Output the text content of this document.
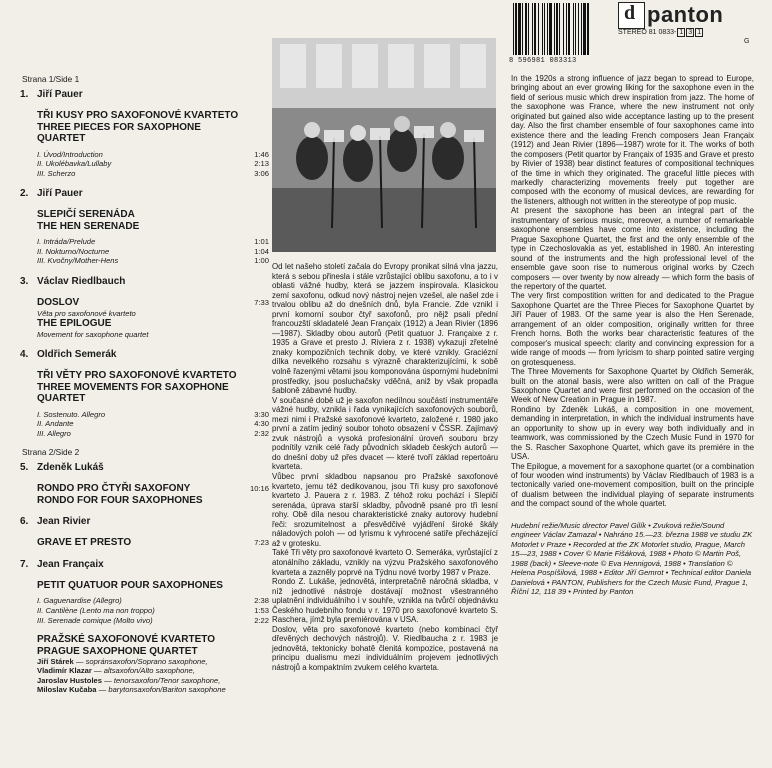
8 596981 083313
d panton
STEREO 81 0833- 1 3 1
G
Strana 1/Side 1
1. Jiří Pauer
TŘI KUSY PRO SAXOFONOVÉ KVARTETO
THREE PIECES FOR SAXOPHONE QUARTET
I. Úvod/Introduction	1:46
II. Ukolébavka/Lullaby	2:13
III. Scherzo	3:06
2. Jiří Pauer
SLEPIČÍ SERENÁDA
THE HEN SERENADE
I. Intráda/Prelude	1:01
II. Nokturno/Nocturne	1:04
III. Kvočny/Mother-Hens	1:00
3. Václav Riedlbauch
DOSLOV	7:33
Věta pro saxofonové kvarteto
THE EPILOGUE
Movement for saxophone quartet
4. Oldřich Semerák
TŘI VĚTY PRO SAXOFONOVÉ KVARTETO
THREE MOVEMENTS FOR SAXOPHONE QUARTET
I. Sostenuto. Allegro	3:30
II. Andante	4:30
III. Allegro	2:32
Strana 2/Side 2
5. Zdeněk Lukáš
RONDO PRO ČTYŘI SAXOFONY	10:16
RONDO FOR FOUR SAXOPHONES
6. Jean Rivier
GRAVE ET PRESTO	7:23
7. Jean Françaix
PETIT QUATUOR POUR SAXOPHONES
I. Gaguenardise (Allegro)	2:38
II. Cantilène (Lento ma non troppo)	1:53
III. Serenade comique (Molto vivo)	2:22
PRAŽSKÉ SAXOFONOVÉ KVARTETO
PRAGUE SAXOPHONE QUARTET
Jiří Stárek — sopránsaxofon/Soprano saxophone,
Vladimír Klazar — altsaxofon/Alto saxophone,
Jaroslav Hustoles — tenorsaxofon/Tenor saxophone,
Miloslav Kučaba — barytonsaxofon/Bariton saxophone

Od let našeho století začala do Evropy pronikat silná vlna jazzu, která s sebou přinesla i stále vzrůstající oblibu saxofonu, a to i v oblasti vážné hudby, která se jazzem inspirovala. Klasickou zemí saxofonu, odkud nový nástroj nejen vzešel, ale našel zde i trvalou oblibu až do dnešních dnů, byla Francie. Zde vznikl i první komorní soubor čtyř saxofonů, pro nějž psali přední francouzští skladatelé Jean Françaix (1912) a Jean Rivier (1896—1987). Skladby obou autorů (Petit quatuor J. Françaixe z r. 1935 a Grave et presto J. Riviera z r. 1938) vykazují zřetelné znaky kompozičních technik doby, ve které vznikly. Graciézní dílka nevelkého rozsahu s výrazně charakterizujícími, k sobě volně řazenými větami jsou komponována úspornými hudebními prostředky, jsou posluchačsky vděčná, aniž by však propadla šabloně zábavné hudby.

V současné době už je saxofon nedílnou součástí instrumentáře vážné hudby, vznikla i řada vynikajících saxofonových souborů, mezi nimi i Pražské saxofonové kvarteto, založené r. 1980 jako první a zatím jediný soubor tohoto obsazení v ČSSR. Zajímavý zvuk nástrojů a vysoká profesionální úroveň souboru brzy podnítily vznik celé řady původních skladeb českých autorů — do dnešní doby už přes dvacet — které tvoří základ repertoáru kvarteta.

Vůbec první skladbou napsanou pro Pražské saxofonové kvarteto, jemu též dedikovanou, jsou Tři kusy pro saxofonové kvarteto J. Pauera z r. 1983. Z téhož roku pochází i Slepičí serenáda, úprava starší skladby, původně psané pro tři lesní rohy. Obě díla nesou charakteristické znaky autorovy hudební řeči: srozumitelnost a přesvědčivé vyjádření široké škály náladových poloh — od lyrismu k vyhrocené satiře přecházející až v grotesku.

Také Tři věty pro saxofonové kvarteto O. Semeráka, vyrůstající z atonálního základu, vznikly na výzvu Pražského saxofonového kvarteta a zazněly poprvé na Týdnu nové tvorby 1987 v Praze.

Rondo Z. Lukáše, jednovětá, interpretačně náročná skladba, v níž jednotlivé nástroje dostávají možnost všestranného uplatnění individuálního i v souhře, vznikla na tvůrčí objednávku Českého hudebního fondu v r. 1970 pro saxofonové kvarteto S. Raschera, jímž byla premiérována v USA.

Doslov, věta pro saxofonové kvarteto (nebo kombinaci čtyř dřevěných dechových nástrojů). V. Riedlbaucha z r. 1983 je jednovětá, tektonicky bohatě členitá kompozice, postavená na principu dualismu mezi individuálním projevem jednotlivých nástrojů a kompaktním zvukem celého kvarteta.

In the 1920s a strong influence of jazz began to spread to Europe, bringing about an ever growing liking for the saxophone even in the field of serious music which drew inspiration from jazz. The home of the saxophone was France, where the new instrument not only originated but gained also wide acceptance lasting up to the present day. Also the first chamber ensemble of four saxophones came into existence there and the leading French composers Jean Françaix (1912) and Jean Rivier (1896—1987) wrote for it. The works of both the composers (Petit quartor by Françaix of 1935 and Grave et presto by Rivier of 1938) bear distinct features of compositional techniques of the time in which they originated. The graceful little pieces with markedly characterizing movements freely put together are composed with the economy of musical devices, are rewarding for the listeners, although not written in the stereotype of pop music.

At present the saxophone has been an integral part of the instrumentary of serious music, moreover, a number of remarkable saxophone ensembles have come into existence, including the Prague Saxophone Quartet, the first and the only ensemble of the type in Czechoslovakia as yet, established in 1980. An interesting sound of the instruments and the high professional level of the ensemble gave soon rise to numerous original works by Czech composers — over twenty by now already — which form the basis of the repertory of the quartet.

The very first compostition written for and dedicated to the Prague Saxophone Quartet are the Three Pieces for Saxophone Quartet by Jiří Pauer of 1983. Of the same year is also the Hen Serenade, arrangement of an older composition, originally written for three French horns. Both the works bear characteristic features of the composer's musical speech: clarity and convincing expression for a wide range of moods — from lyricism to sharp pointed satire verging on grotesqueness.

The Three Movements for Saxophone Quartet by Oldřich Semerák, built on the atonal basis, were also written on call of the Prague Saxophone Quartet and were first performed on the occasion of the Week of New Creation in Prague in 1987.

Rondino by Zdeněk Lukáš, a composition in one movement, demanding in interpretation, in which the individual instruments have an opportunity to show up in every way both individually and in teamwork, was commissioned by the Czech Music Fund in 1970 for the S. Rascher Saxophone Quartet, which gave its premiére in the USA.

The Epilogue, a movement for a saxophone quartet (or a combination of four wooden wind instruments) by Václav Riedlbauch of 1983 is a tectonically varied one-movement composition, built on the principle of dualism between the individual playing of separate instruments and the compact sound of the whole quartet.

Hudební režie/Music director Pavel Gilík • Zvuková režie/Sound engineer Václav Zamazal • Nahráno 15.—23. března 1988 ve studiu ZK Motorlet v Praze • Recorded at the ZK Motorlet studio, Prague, March 15—23, 1988 • Cover © Marie Fišáková, 1988 • Photo © Martin Poš, 1988 (back) • Sleeve-note © Eva Hennigová, 1988 • Translation © Helena Pospíšilová, 1988 • Editor Jiří Gemrot • Technical editor Daniela Danielová • PANTON, Publishers for the Czech Music Fund, Prague 1, Říční 12, 118 39 • Printed by Panton
